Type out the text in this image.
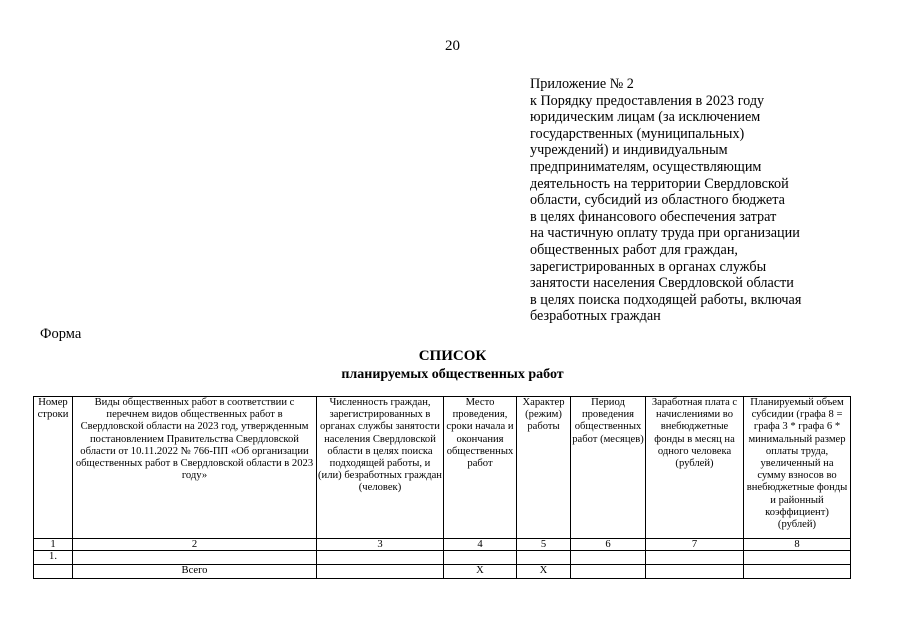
20
Приложение № 2
к Порядку предоставления в 2023 году
юридическим лицам (за исключением
государственных (муниципальных)
учреждений) и индивидуальным
предпринимателям, осуществляющим
деятельность на территории Свердловской
области, субсидий из областного бюджета
в целях финансового обеспечения затрат
на частичную оплату труда при организации
общественных работ для граждан,
зарегистрированных в органах службы
занятости населения Свердловской области
в целях поиска подходящей работы, включая
безработных граждан
Форма
СПИСОК
планируемых общественных работ
Номер строки	Виды общественных работ в соответствии с перечнем видов общественных работ в Свердловской области на 2023 год, утвержденным постановлением Правительства Свердловской области от 10.11.2022 № 766-ПП «Об организации общественных работ в Свердловской области в 2023 году»	Численность граждан, зарегистрированных в органах службы занятости населения Свердловской области в целях поиска подходящей работы, и (или) безработных граждан (человек)	Место проведения, сроки начала и окончания общественных работ	Характер (режим) работы	Период проведения общественных работ (месяцев)	Заработная плата с начислениями во внебюджетные фонды в месяц на одного человека (рублей)	Планируемый объем субсидии (графа 8 = графа 3 * графа 6 * минимальный размер оплаты труда, увеличенный на сумму взносов во внебюджетные фонды и районный коэффициент) (рублей)
1	2	3	4	5	6	7	8
1.							
	Всего		Х	Х			
